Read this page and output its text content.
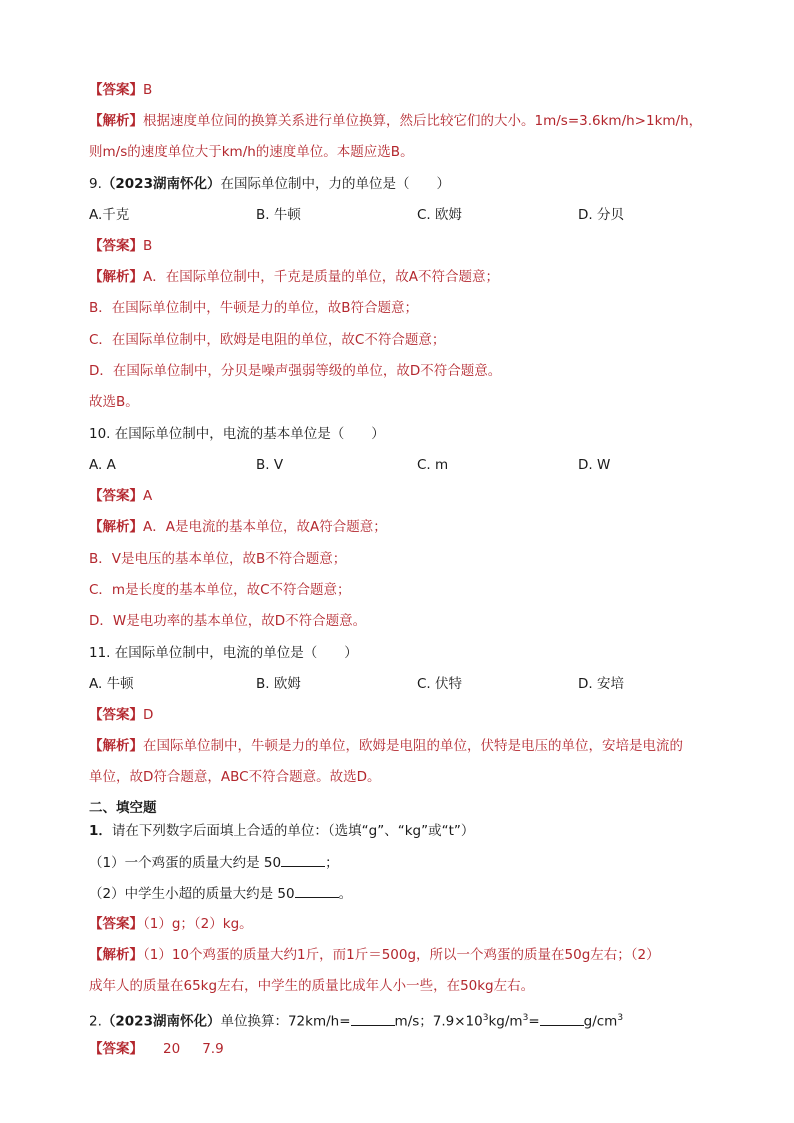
【答案】B
【解析】根据速度单位间的换算关系进行单位换算，然后比较它们的大小。1m/s=3.6km/h>1km/h，
则m/s的速度单位大于km/h的速度单位。本题应选B。
9.（2023湖南怀化）在国际单位制中，力的单位是（　　）
A.千克	B. 牛顿	C. 欧姆	D. 分贝
【答案】B
【解析】A．在国际单位制中，千克是质量的单位，故A不符合题意；
B．在国际单位制中，牛顿是力的单位，故B符合题意；
C．在国际单位制中，欧姆是电阻的单位，故C不符合题意；
D．在国际单位制中，分贝是噪声强弱等级的单位，故D不符合题意。
故选B。
10. 在国际单位制中，电流的基本单位是（　　）
A. A	B. V	C. m	D. W
【答案】A
【解析】A．A是电流的基本单位，故A符合题意；
B．V是电压的基本单位，故B不符合题意；
C．m是长度的基本单位，故C不符合题意；
D．W是电功率的基本单位，故D不符合题意。
11. 在国际单位制中，电流的单位是（　　）
A. 牛顿	B. 欧姆	C. 伏特	D. 安培
【答案】D
【解析】在国际单位制中，牛顿是力的单位，欧姆是电阻的单位，伏特是电压的单位，安培是电流的
单位，故D符合题意，ABC不符合题意。故选D。
二、填空题
1．请在下列数字后面填上合适的单位：（选填“g”、“kg”或“t”）
（1）一个鸡蛋的质量大约是 50	；
（2）中学生小超的质量大约是 50	。
【答案】（1）g；（2）kg。
【解析】（1）10个鸡蛋的质量大约1斤，而1斤＝500g，所以一个鸡蛋的质量在50g左右；（2）
成年人的质量在65kg左右，中学生的质量比成年人小一些，在50kg左右。
2.（2023湖南怀化）单位换算：72km/h=	m/s；$7.9\times 10^3kg/m^3=$	$g/cm^3$
【答案】 20 7.9
